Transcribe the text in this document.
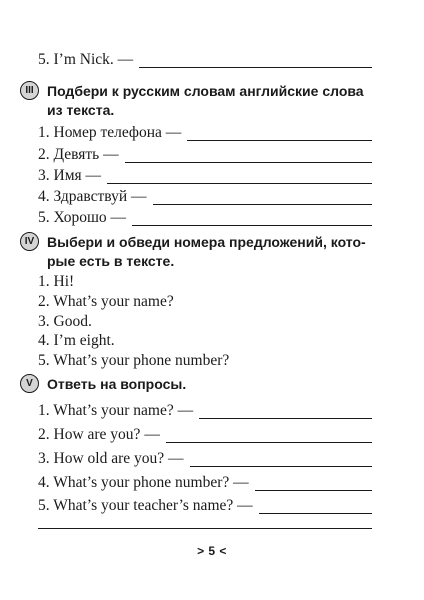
5. I’m Nick. —
III Подбери к русским словам английские слова из текста.
1. Номер телефона —
2. Девять —
3. Имя —
4. Здравствуй —
5. Хорошо —
IV Выбери и обведи номера предложений, кото-
рые есть в тексте.
1. Hi!
2. What’s your name?
3. Good.
4. I’m eight.
5. What’s your phone number?
V	Ответь на вопросы.
1. What’s your name? —
2. How are you? —
3. How old are you? —
4. What’s your phone number? —
5. What’s your teacher’s name? —
> 5 <
